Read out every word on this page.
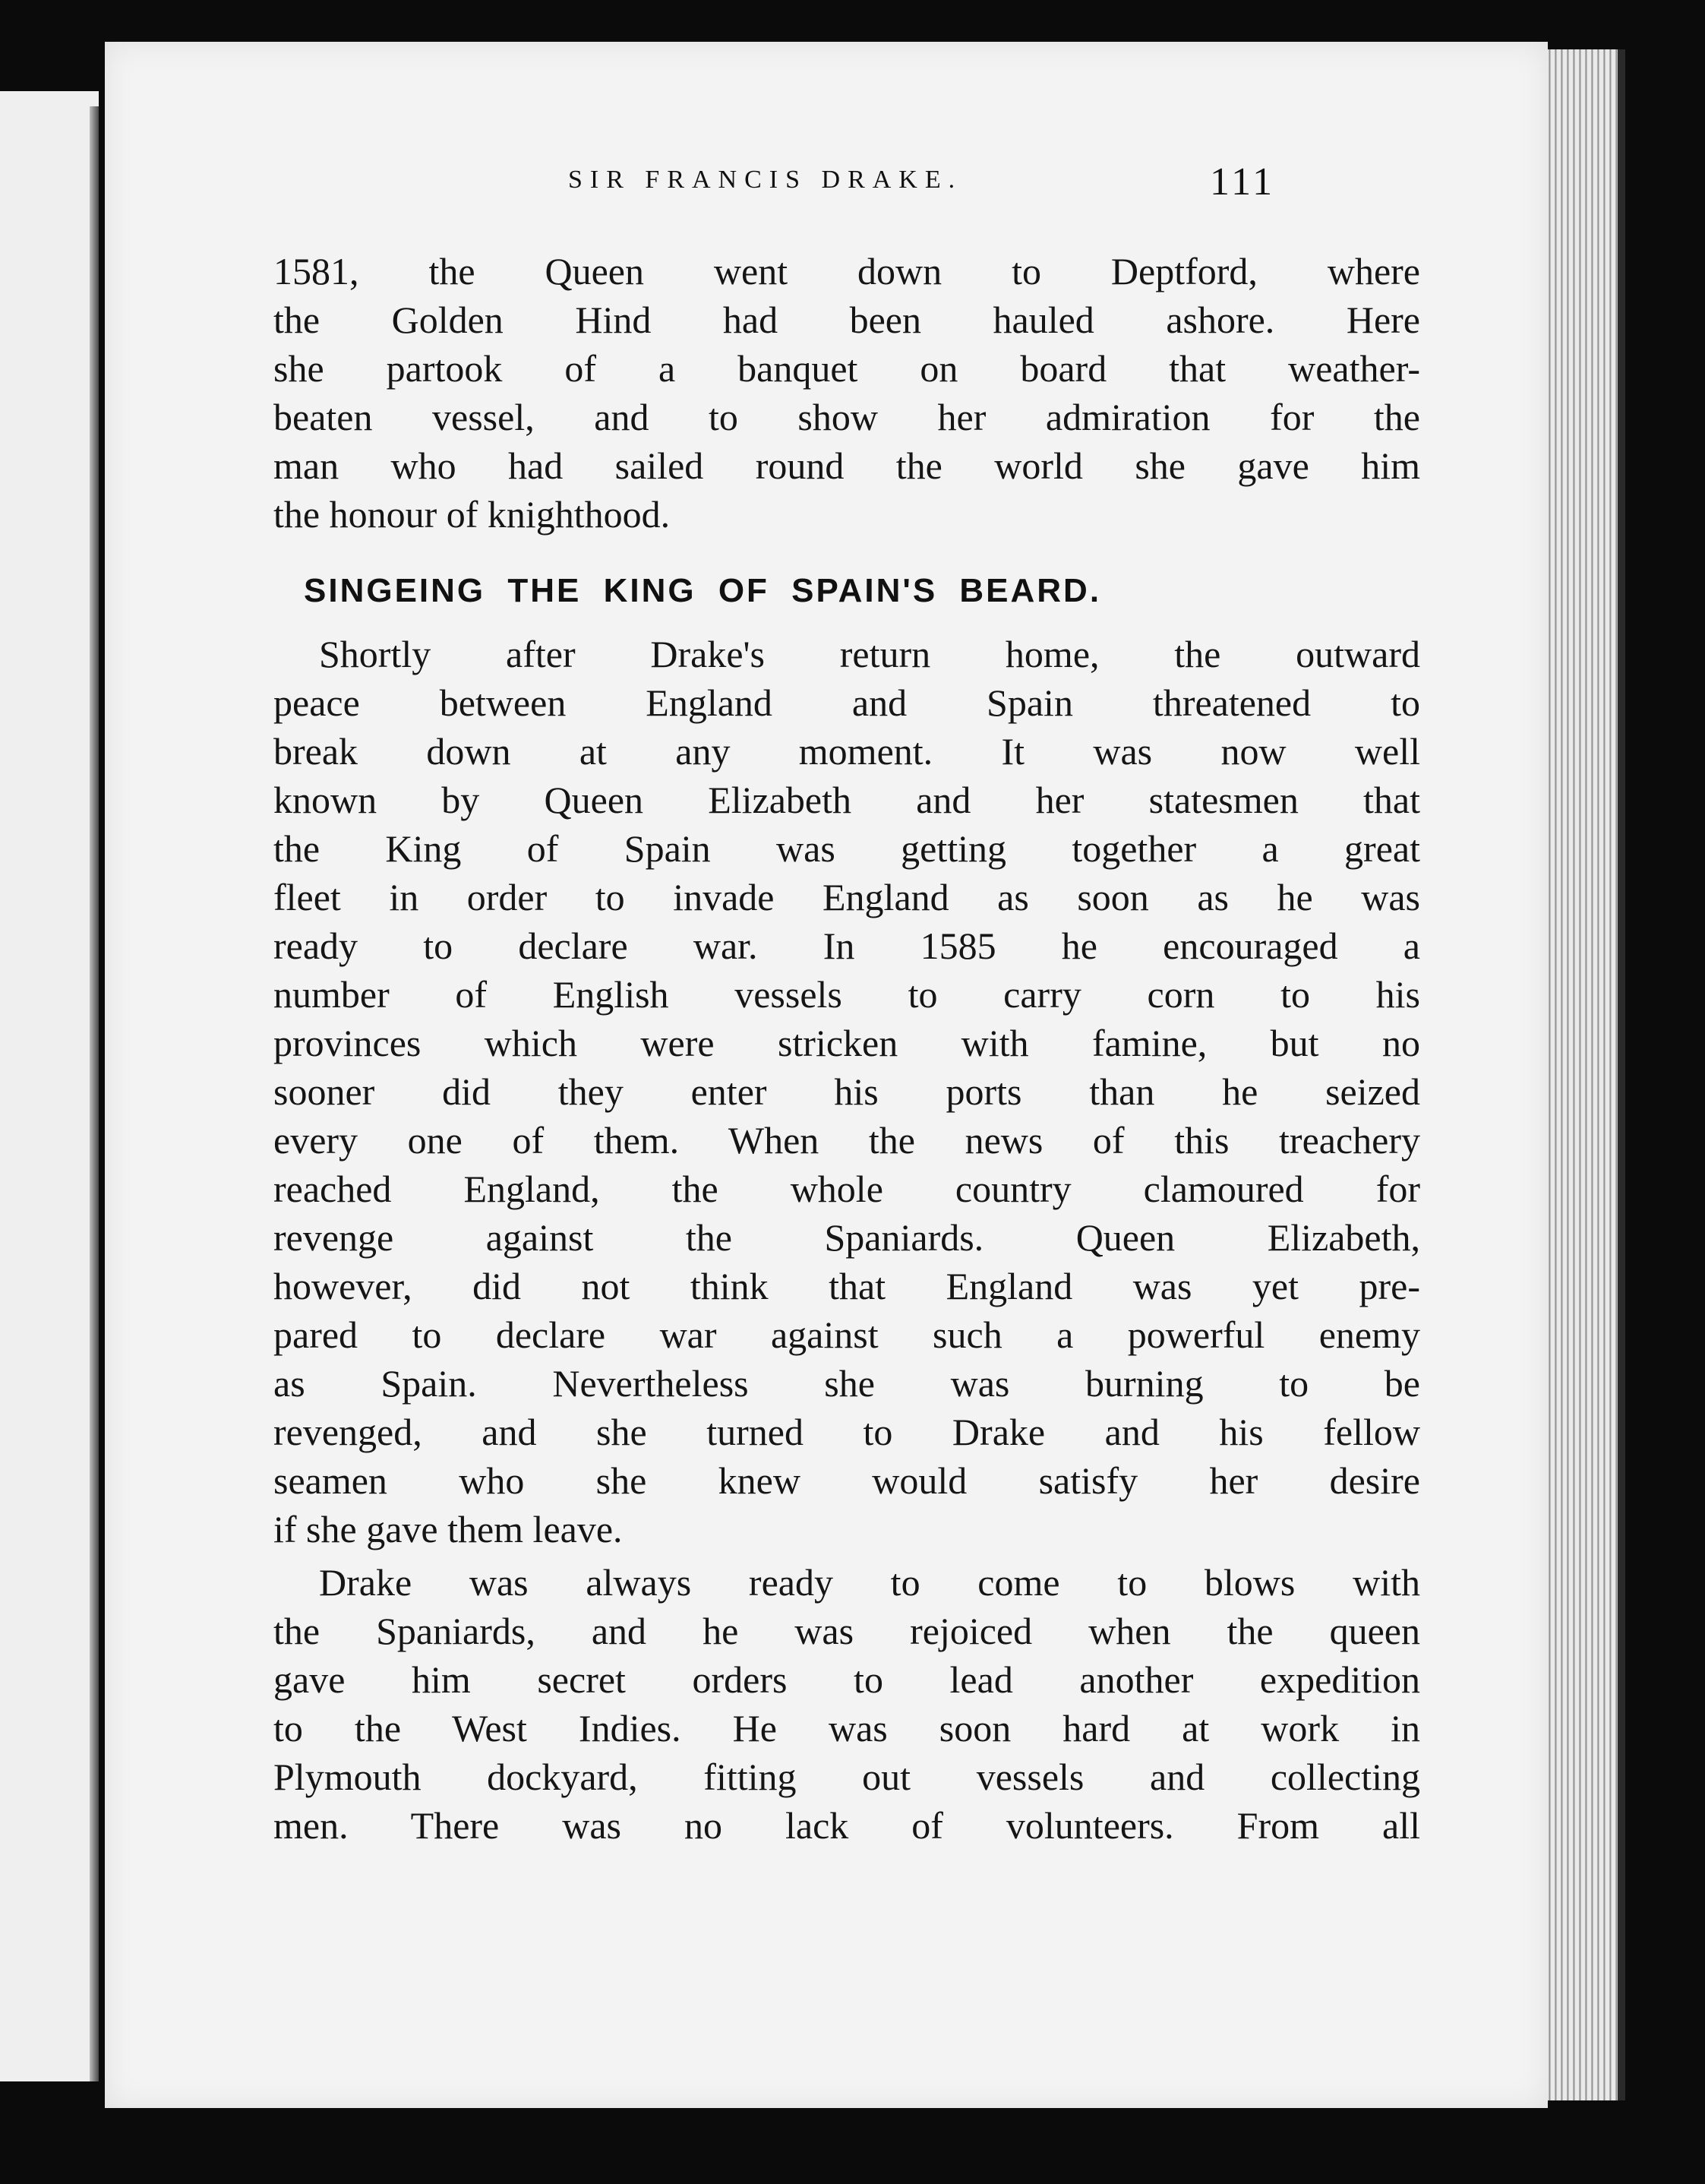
SIR FRANCIS DRAKE.	111
1581, the Queen went down to Deptford, where
the Golden Hind had been hauled ashore. Here
she partook of a banquet on board that weather-
beaten vessel, and to show her admiration for the
man who had sailed round the world she gave him
the honour of knighthood.
SINGEING THE KING OF SPAIN'S BEARD.
Shortly after Drake's return home, the outward
peace between England and Spain threatened to
break down at any moment. It was now well
known by Queen Elizabeth and her statesmen that
the King of Spain was getting together a great
fleet in order to invade England as soon as he was
ready to declare war. In 1585 he encouraged a
number of English vessels to carry corn to his
provinces which were stricken with famine, but no
sooner did they enter his ports than he seized
every one of them. When the news of this treachery
reached England, the whole country clamoured for
revenge against the Spaniards. Queen Elizabeth,
however, did not think that England was yet pre-
pared to declare war against such a powerful enemy
as Spain. Nevertheless she was burning to be
revenged, and she turned to Drake and his fellow
seamen who she knew would satisfy her desire
if she gave them leave.
Drake was always ready to come to blows with
the Spaniards, and he was rejoiced when the queen
gave him secret orders to lead another expedition
to the West Indies. He was soon hard at work in
Plymouth dockyard, fitting out vessels and collecting
men. There was no lack of volunteers. From all
